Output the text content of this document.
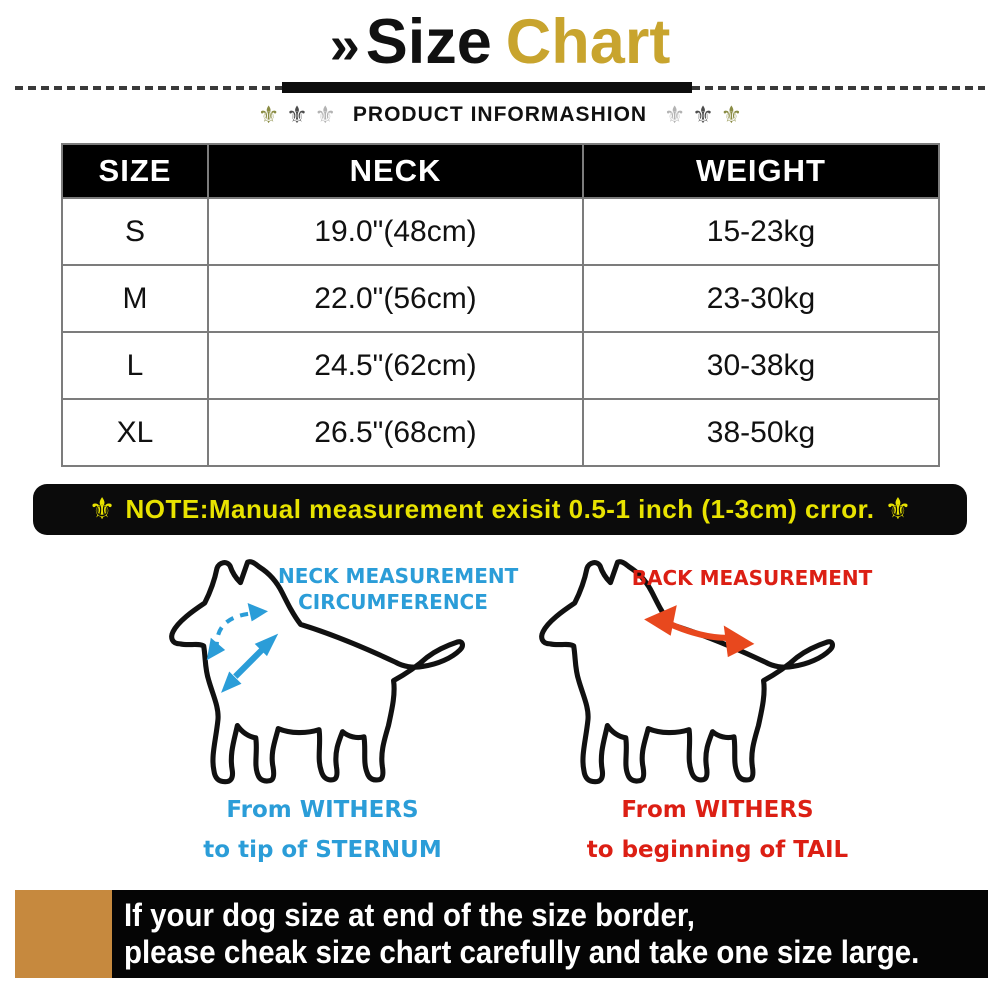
»Size Chart
⚜ ⚜ ⚜ PRODUCT INFORMASHION ⚜ ⚜ ⚜
SIZE	NECK	WEIGHT
S	19.0"(48cm)	15-23kg
M	22.0"(56cm)	23-30kg
L	24.5"(62cm)	30-38kg
XL	26.5"(68cm)	38-50kg
⚜ NOTE:Manual measurement exisit 0.5-1 inch (1-3cm) crror. ⚜
NECK MEASUREMENT
CIRCUMFERENCE
BACK MEASUREMENT
From WITHERS
to tip of STERNUM
From WITHERS
to beginning of TAIL
If your dog size at end of the size border,
please cheak size chart carefully and take one size large.
